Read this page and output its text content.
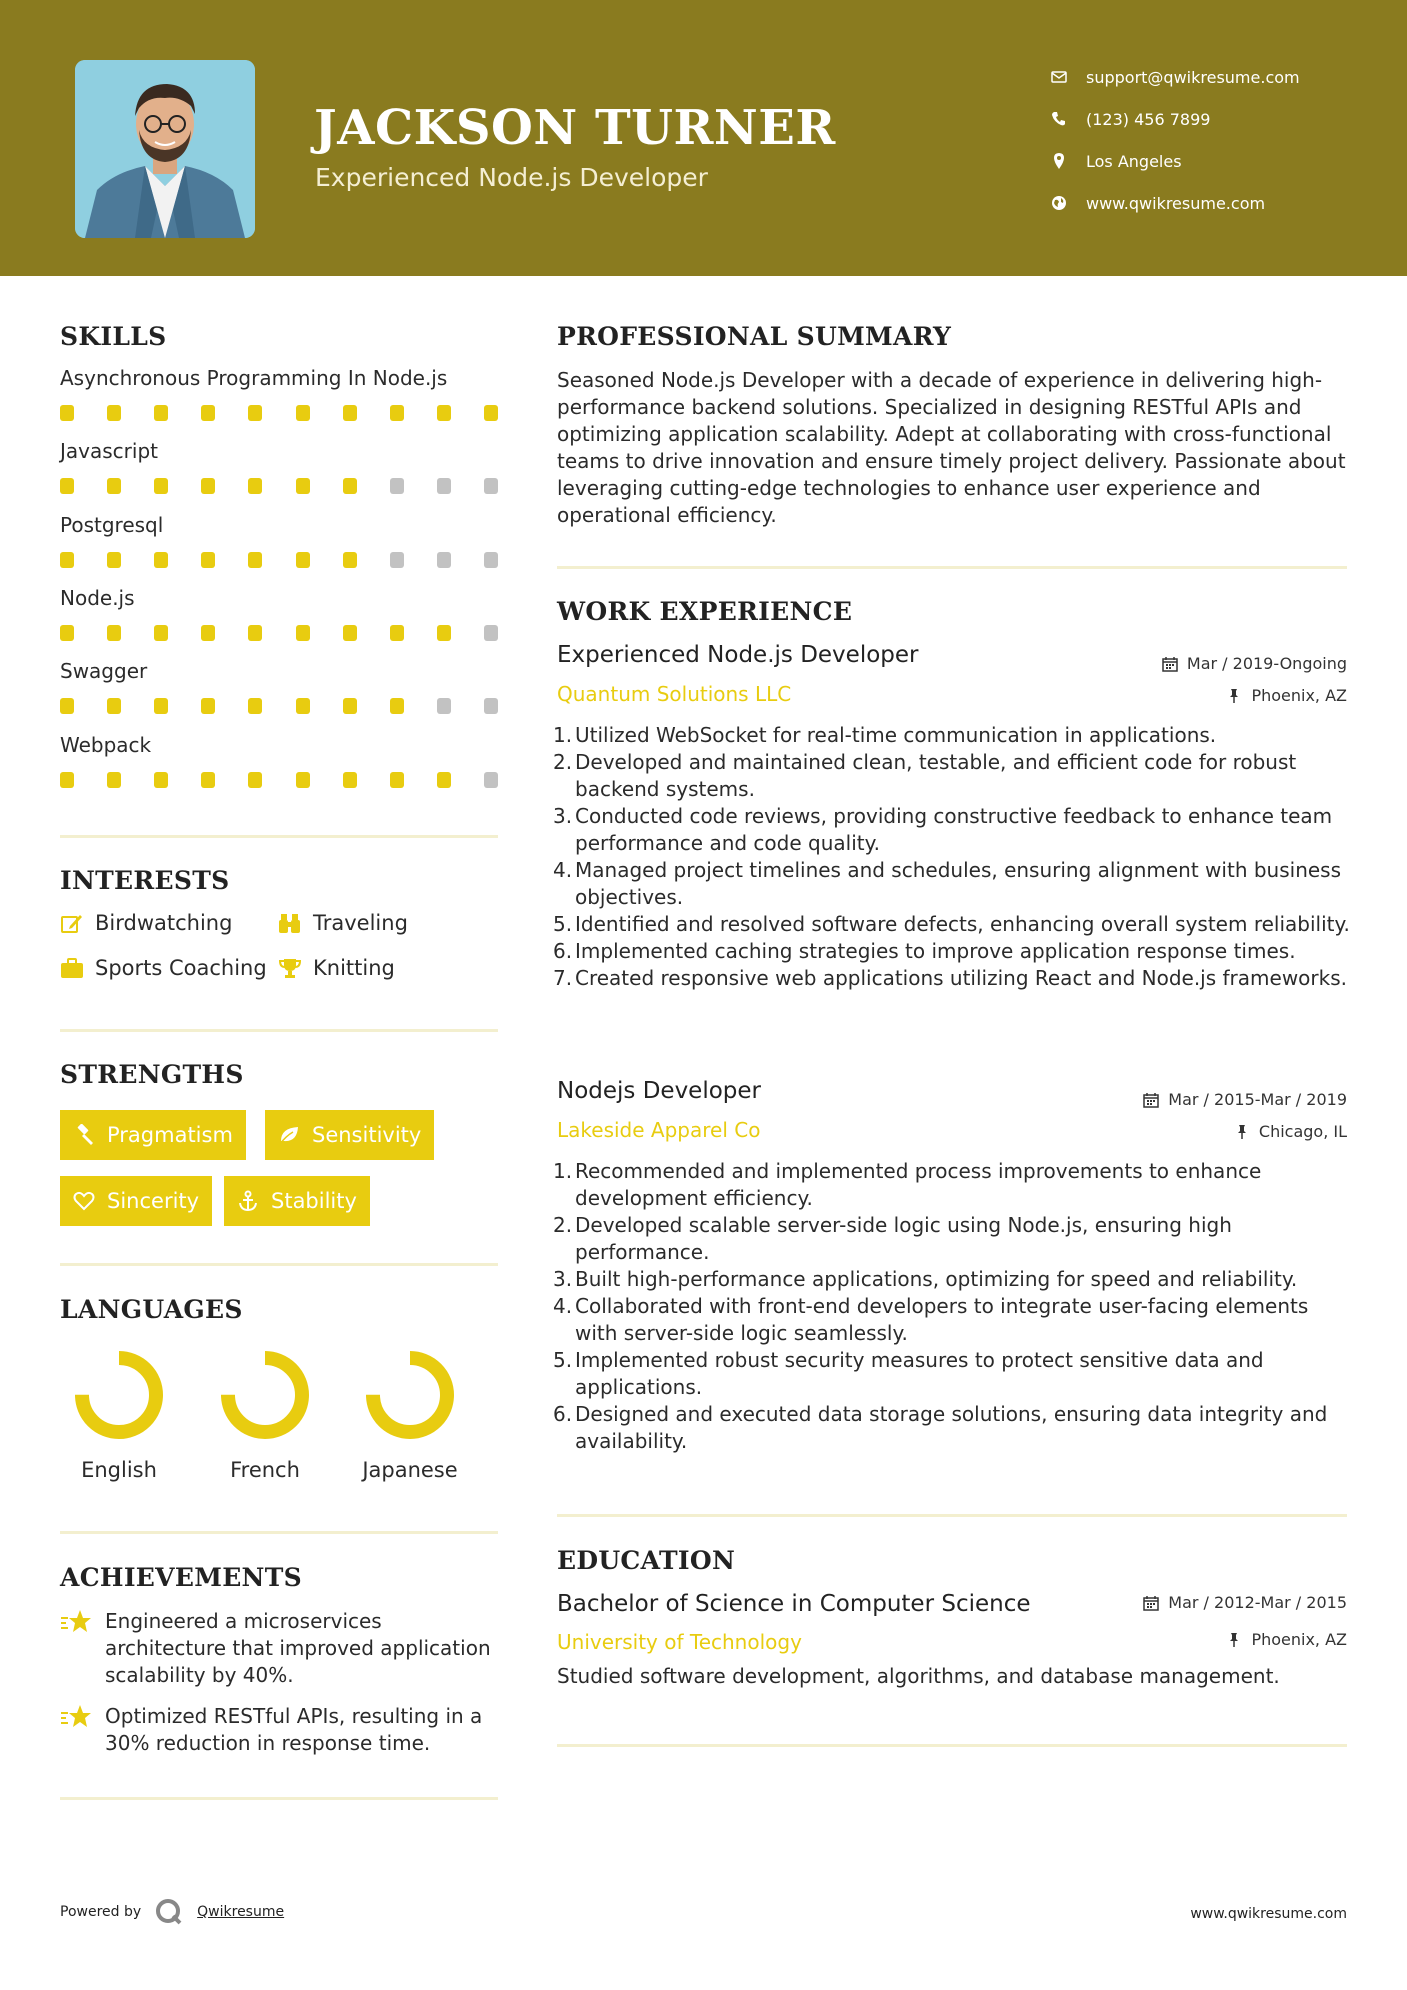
JACKSON TURNER
Experienced Node.js Developer
support@qwikresume.com
(123) 456 7899
Los Angeles
www.qwikresume.com
SKILLS
Asynchronous Programming In Node.js
Javascript
Postgresql
Node.js
Swagger
Webpack
INTERESTS
Birdwatching	Traveling
Sports Coaching Knitting
STRENGTHS
Pragmatism	Sensitivity
Sincerity	Stability
LANGUAGES
English	French	Japanese
ACHIEVEMENTS
Engineered a microservices architecture that improved application scalability by 40%.
Optimized RESTful APIs, resulting in a 30% reduction in response time.
PROFESSIONAL SUMMARY
Seasoned Node.js Developer with a decade of experience in delivering high-performance backend solutions. Specialized in designing RESTful APIs and optimizing application scalability. Adept at collaborating with cross-functional teams to drive innovation and ensure timely project delivery. Passionate about leveraging cutting-edge technologies to enhance user experience and operational efficiency.
WORK EXPERIENCE
Experienced Node.js Developer
Quantum Solutions LLC
Mar / 2019-Ongoing
Phoenix, AZ
1. Utilized WebSocket for real-time communication in applications.
2. Developed and maintained clean, testable, and efficient code for robust backend systems.
3. Conducted code reviews, providing constructive feedback to enhance team performance and code quality.
4. Managed project timelines and schedules, ensuring alignment with business objectives.
5. Identified and resolved software defects, enhancing overall system reliability.
6. Implemented caching strategies to improve application response times.
7. Created responsive web applications utilizing React and Node.js frameworks.
Nodejs Developer
Lakeside Apparel Co
Mar / 2015-Mar / 2019
Chicago, IL
1. Recommended and implemented process improvements to enhance development efficiency.
2. Developed scalable server-side logic using Node.js, ensuring high performance.
3. Built high-performance applications, optimizing for speed and reliability.
4. Collaborated with front-end developers to integrate user-facing elements with server-side logic seamlessly.
5. Implemented robust security measures to protect sensitive data and applications.
6. Designed and executed data storage solutions, ensuring data integrity and availability.
EDUCATION
Bachelor of Science in Computer Science
University of Technology
Mar / 2012-Mar / 2015
Phoenix, AZ
Studied software development, algorithms, and database management.
Powered by	Qwikresume	www.qwikresume.com
